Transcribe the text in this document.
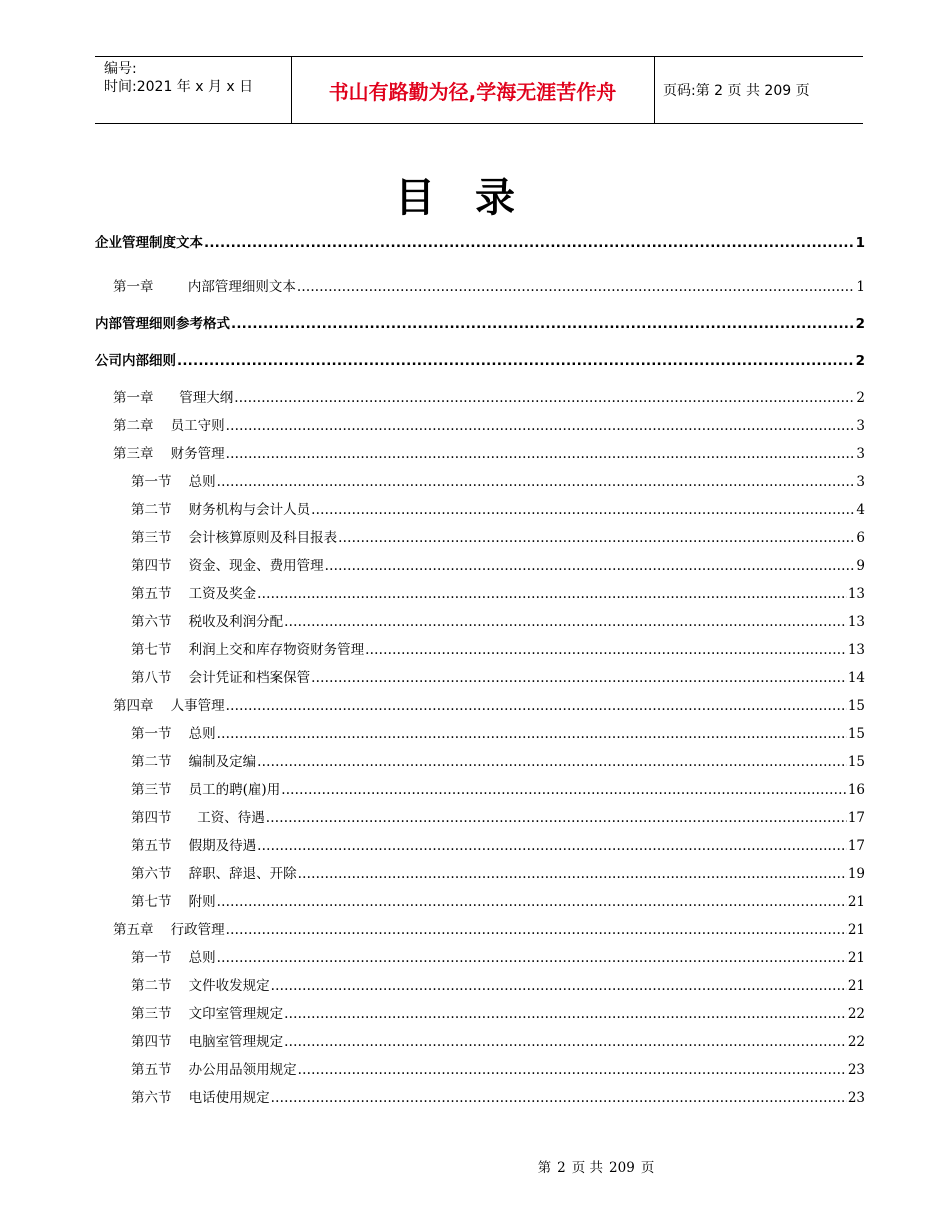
编号:
时间:2021 年 x 月 x 日	书山有路勤为径,学海无涯苦作舟	页码:第 2 页 共 209 页
目录
企业管理制度文本 .....	1
第一章        内部管理细则文本 .....	1
内部管理细则参考格式 .....	2
公司内部细则 .....	2
第一章      管理大纲 .....	2
第二章    员工守则 .....	3
第三章    财务管理 .....	3
第一节    总则 .....	3
第二节    财务机构与会计人员 .....	4
第三节    会计核算原则及科目报表 .....	6
第四节    资金、现金、费用管理 .....	9
第五节    工资及奖金 .....	13
第六节    税收及利润分配 .....	13
第七节    利润上交和库存物资财务管理 .....	13
第八节    会计凭证和档案保管 .....	14
第四章    人事管理 .....	15
第一节    总则 .....	15
第二节    编制及定编 .....	15
第三节    员工的聘(雇)用 .....	16
第四节      工资、待遇 .....	17
第五节    假期及待遇 .....	17
第六节    辞职、辞退、开除 .....	19
第七节    附则 .....	21
第五章    行政管理 .....	21
第一节    总则 .....	21
第二节    文件收发规定 .....	21
第三节    文印室管理规定 .....	22
第四节    电脑室管理规定 .....	22
第五节    办公用品领用规定 .....	23
第六节    电话使用规定 .....	23
第 2 页 共 209 页
